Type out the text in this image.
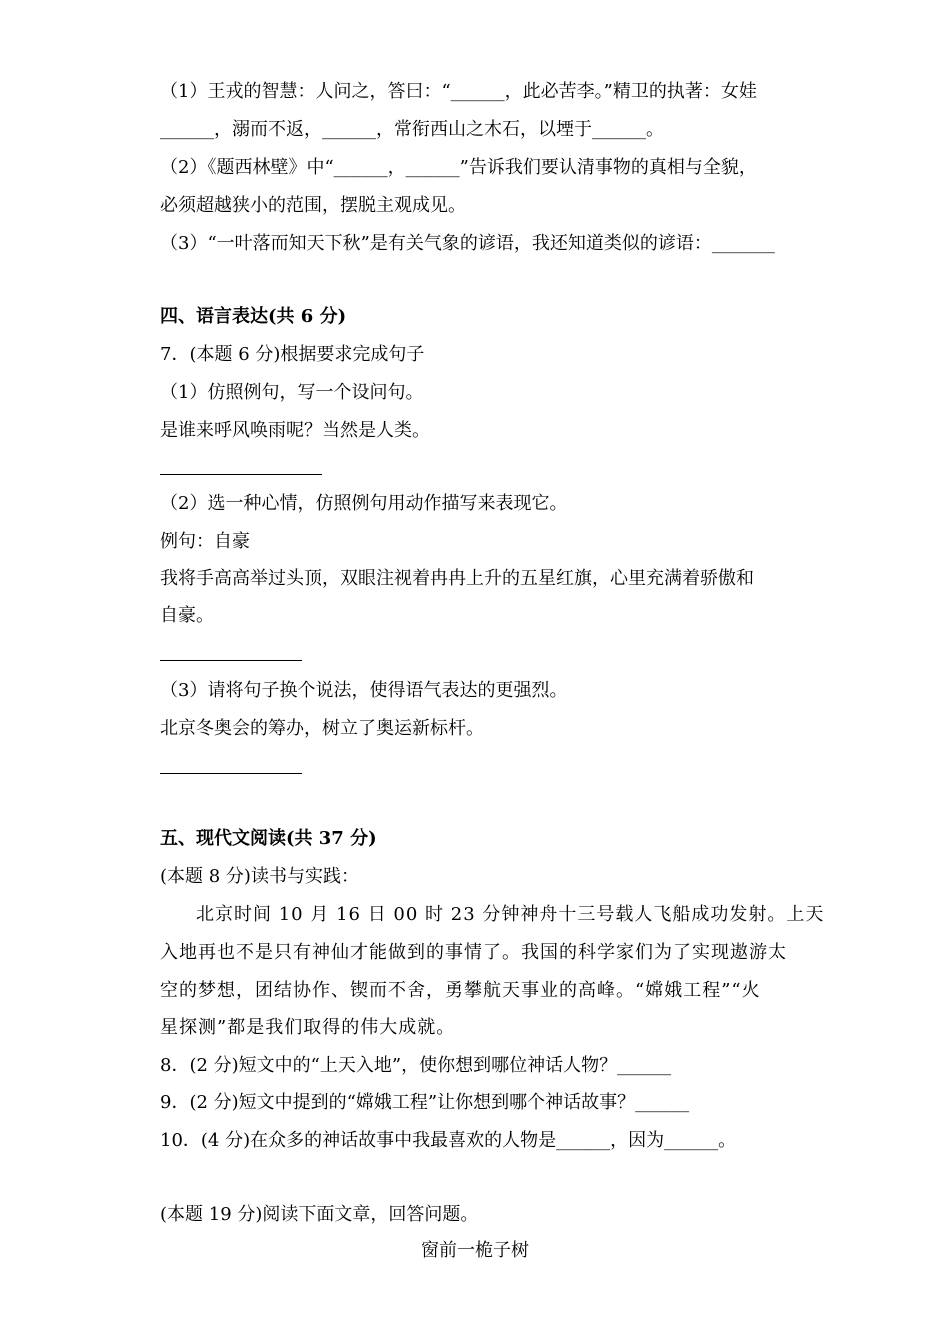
（1）王戎的智慧：人问之，答曰：“______，此必苦李。”精卫的执著：女娃
______，溺而不返，______，常衔西山之木石，以堙于______。
（2）《题西林壁》中“______，______”告诉我们要认清事物的真相与全貌，
必须超越狭小的范围，摆脱主观成见。
（3）“一叶落而知天下秋”是有关气象的谚语，我还知道类似的谚语：_______
四、语言表达(共 6 分)
7．(本题 6 分)根据要求完成句子
（1）仿照例句，写一个设问句。
是谁来呼风唤雨呢？当然是人类。
（2）选一种心情，仿照例句用动作描写来表现它。
例句：自豪
我将手高高举过头顶，双眼注视着冉冉上升的五星红旗，心里充满着骄傲和
自豪。
（3）请将句子换个说法，使得语气表达的更强烈。
北京冬奥会的筹办，树立了奥运新标杆。
五、现代文阅读(共 37 分)
(本题 8 分)读书与实践：
北京时间 10 月 16 日 00 时 23 分钟神舟十三号载人飞船成功发射。上天
入地再也不是只有神仙才能做到的事情了。我国的科学家们为了实现遨游太
空的梦想，团结协作、锲而不舍，勇攀航天事业的高峰。“嫦娥工程”“火
星探测”都是我们取得的伟大成就。
8．(2 分)短文中的“上天入地”，使你想到哪位神话人物？______
9．(2 分)短文中提到的“嫦娥工程”让你想到哪个神话故事？______
10．(4 分)在众多的神话故事中我最喜欢的人物是______，因为______。
(本题 19 分)阅读下面文章，回答问题。
窗前一桅子树
